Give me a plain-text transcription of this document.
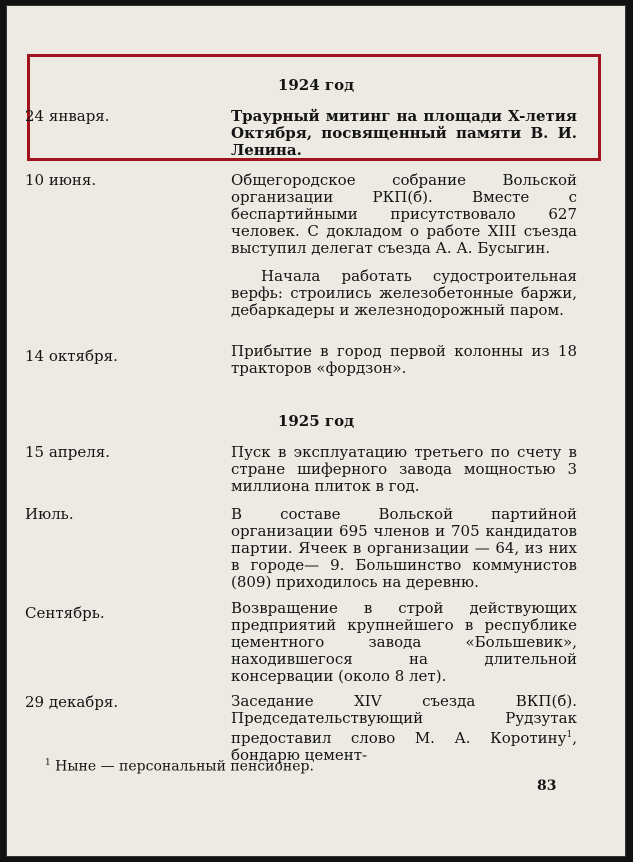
1924 год
24 января.	Траурный митинг на площади X-летия Октября, посвященный памяти В. И. Ленина.
10 июня.	Общегородское собрание Вольской организации РКП(б). Вместе с беспартийными присутствовало 627 человек. С докладом о работе XIII съезда выступил делегат съезда А. А. Бусыгин.
Начала работать судостроительная верфь: строились железобетонные баржи, дебаркадеры и железнодорожный паром.
14 октября.	Прибытие в город первой колонны из 18 тракторов «фордзон».
1925 год
15 апреля.	Пуск в эксплуатацию третьего по счету в стране шиферного завода мощностью 3 миллиона плиток в год.
Июль.	В составе Вольской партийной организации 695 членов и 705 кандидатов партии. Ячеек в организации — 64, из них в городе— 9. Большинство коммунистов (809) приходилось на деревню.
Сентябрь.	Возвращение в строй действующих предприятий крупнейшего в республике цементного завода «Большевик», находившегося на длительной консервации (около 8 лет).
29 декабря.	Заседание XIV съезда ВКП(б). Председательствующий Рудзутак предоставил слово М. А. Коротину$^1$, бондарю цемент-
$^1$ Ныне — персональный пенсионер.
83
